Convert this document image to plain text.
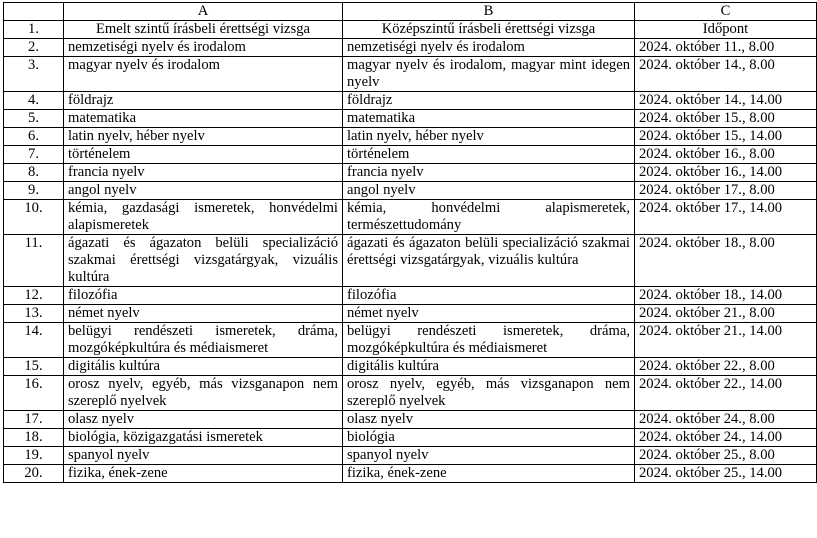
	A	B	C
1.	Emelt szintű írásbeli érettségi vizsga	Középszintű írásbeli érettségi vizsga	Időpont
2.	nemzetiségi nyelv és irodalom	nemzetiségi nyelv és irodalom	2024. október 11., 8.00
3.	magyar nyelv és irodalom	magyar nyelv és irodalom, magyar mint idegen nyelv	2024. október 14., 8.00
4.	földrajz	földrajz	2024. október 14., 14.00
5.	matematika	matematika	2024. október 15., 8.00
6.	latin nyelv, héber nyelv	latin nyelv, héber nyelv	2024. október 15., 14.00
7.	történelem	történelem	2024. október 16., 8.00
8.	francia nyelv	francia nyelv	2024. október 16., 14.00
9.	angol nyelv	angol nyelv	2024. október 17., 8.00
10.	kémia, gazdasági ismeretek, honvédelmi alapismeretek	kémia, honvédelmi alapismeretek, természettudomány	2024. október 17., 14.00
11.	ágazati és ágazaton belüli specializáció szakmai érettségi vizsgatárgyak, vizuális kultúra	ágazati és ágazaton belüli specializáció szakmai érettségi vizsgatárgyak, vizuális kultúra	2024. október 18., 8.00
12.	filozófia	filozófia	2024. október 18., 14.00
13.	német nyelv	német nyelv	2024. október 21., 8.00
14.	belügyi rendészeti ismeretek, dráma, mozgóképkultúra és médiaismeret	belügyi rendészeti ismeretek, dráma, mozgóképkultúra és médiaismeret	2024. október 21., 14.00
15.	digitális kultúra	digitális kultúra	2024. október 22., 8.00
16.	orosz nyelv, egyéb, más vizsganapon nem szereplő nyelvek	orosz nyelv, egyéb, más vizsganapon nem szereplő nyelvek	2024. október 22., 14.00
17.	olasz nyelv	olasz nyelv	2024. október 24., 8.00
18.	biológia, közigazgatási ismeretek	biológia	2024. október 24., 14.00
19.	spanyol nyelv	spanyol nyelv	2024. október 25., 8.00
20.	fizika, ének-zene	fizika, ének-zene	2024. október 25., 14.00
